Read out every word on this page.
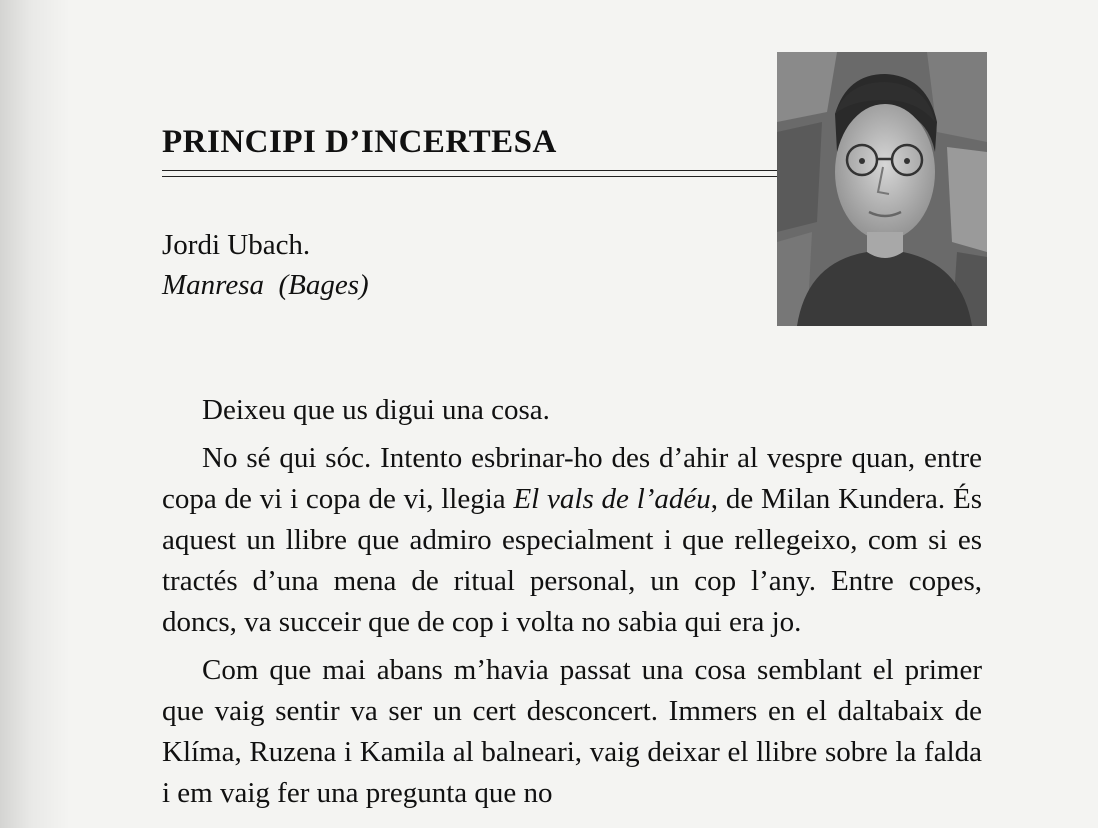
PRINCIPI D’INCERTESA

Jordi Ubach.

Manresa  (Bages)

Deixeu que us digui una cosa.

No sé qui sóc. Intento esbrinar-ho des d’ahir al vespre quan, entre copa de vi i copa de vi, llegia El vals de l’adéu, de Milan Kundera. És aquest un llibre que admiro especialment i que rellegeixo, com si es tractés d’una mena de ritual personal, un cop l’any. Entre copes, doncs, va succeir que de cop i volta no sabia qui era jo.

Com que mai abans m’havia passat una cosa semblant el primer que vaig sentir va ser un cert desconcert. Immers en el daltabaix de Klíma, Ruzena i Kamila al balneari, vaig deixar el llibre sobre la falda i em vaig fer una pregunta que no
